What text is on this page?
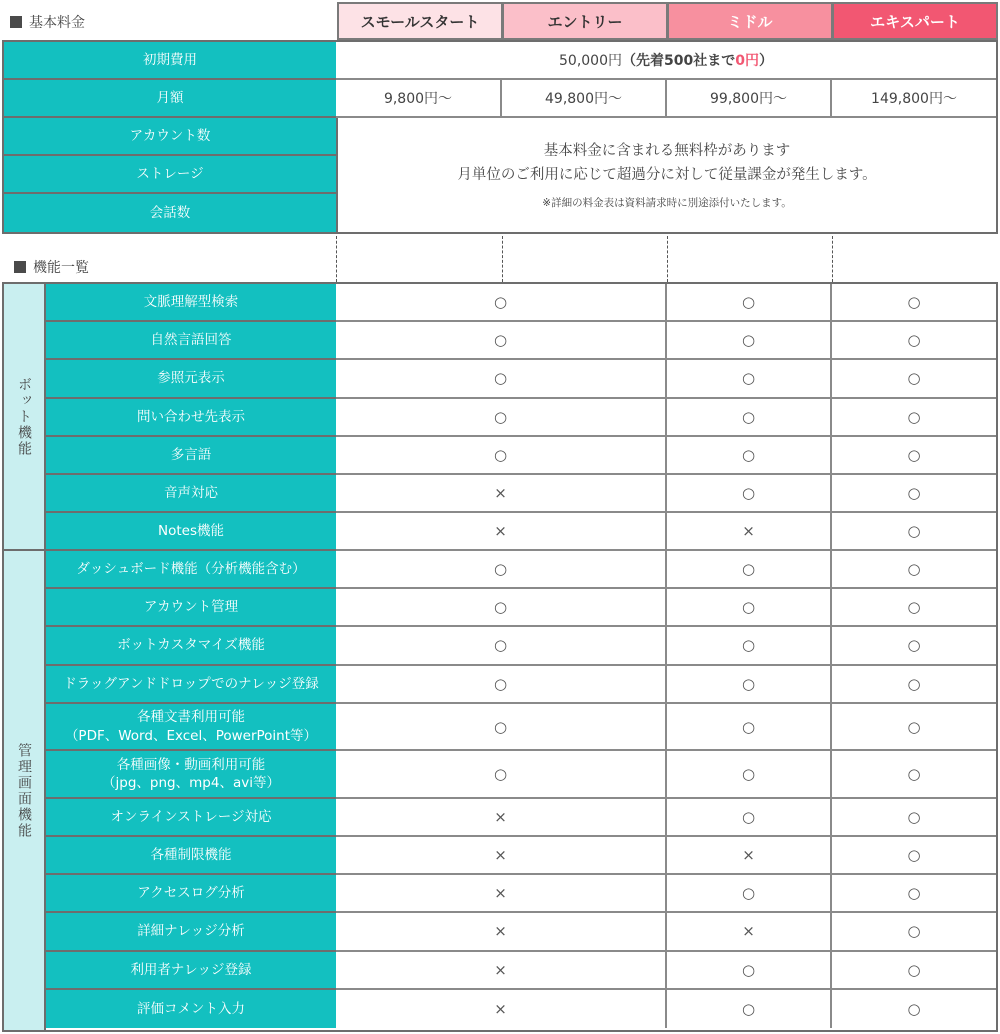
基本料金	スモールスタート	エントリー	ミドル	エキスパート
初期費用	50,000円 （先着500社まで 0円 ）
月額	9,800円〜	49,800円〜	99,800円〜	149,800円〜
アカウント数
ストレージ
会話数
基本料金に含まれる無料枠があります
月単位のご利用に応じて超過分に対して従量課金が発生します。
※詳細の料金表は資料請求時に別途添付いたします。
機能一覧
ボット機能
管理画面機能
文脈理解型検索	○	○	○
自然言語回答	○	○	○
参照元表示	○	○	○
問い合わせ先表示	○	○	○
多言語	○	○	○
音声対応	×	○	○
Notes機能	×	×	○
ダッシュボード機能（分析機能含む）	○	○	○
アカウント管理	○	○	○
ボットカスタマイズ機能	○	○	○
ドラッグアンドドロップでのナレッジ登録	○	○	○
各種文書利用可能
（PDF、Word、Excel、PowerPoint等）	○	○	○
各種画像・動画利用可能
（jpg、png、mp4、avi等）	○	○	○
オンラインストレージ対応	×	○	○
各種制限機能	×	×	○
アクセスログ分析	×	○	○
詳細ナレッジ分析	×	×	○
利用者ナレッジ登録	×	○	○
評価コメント入力	×	○	○
